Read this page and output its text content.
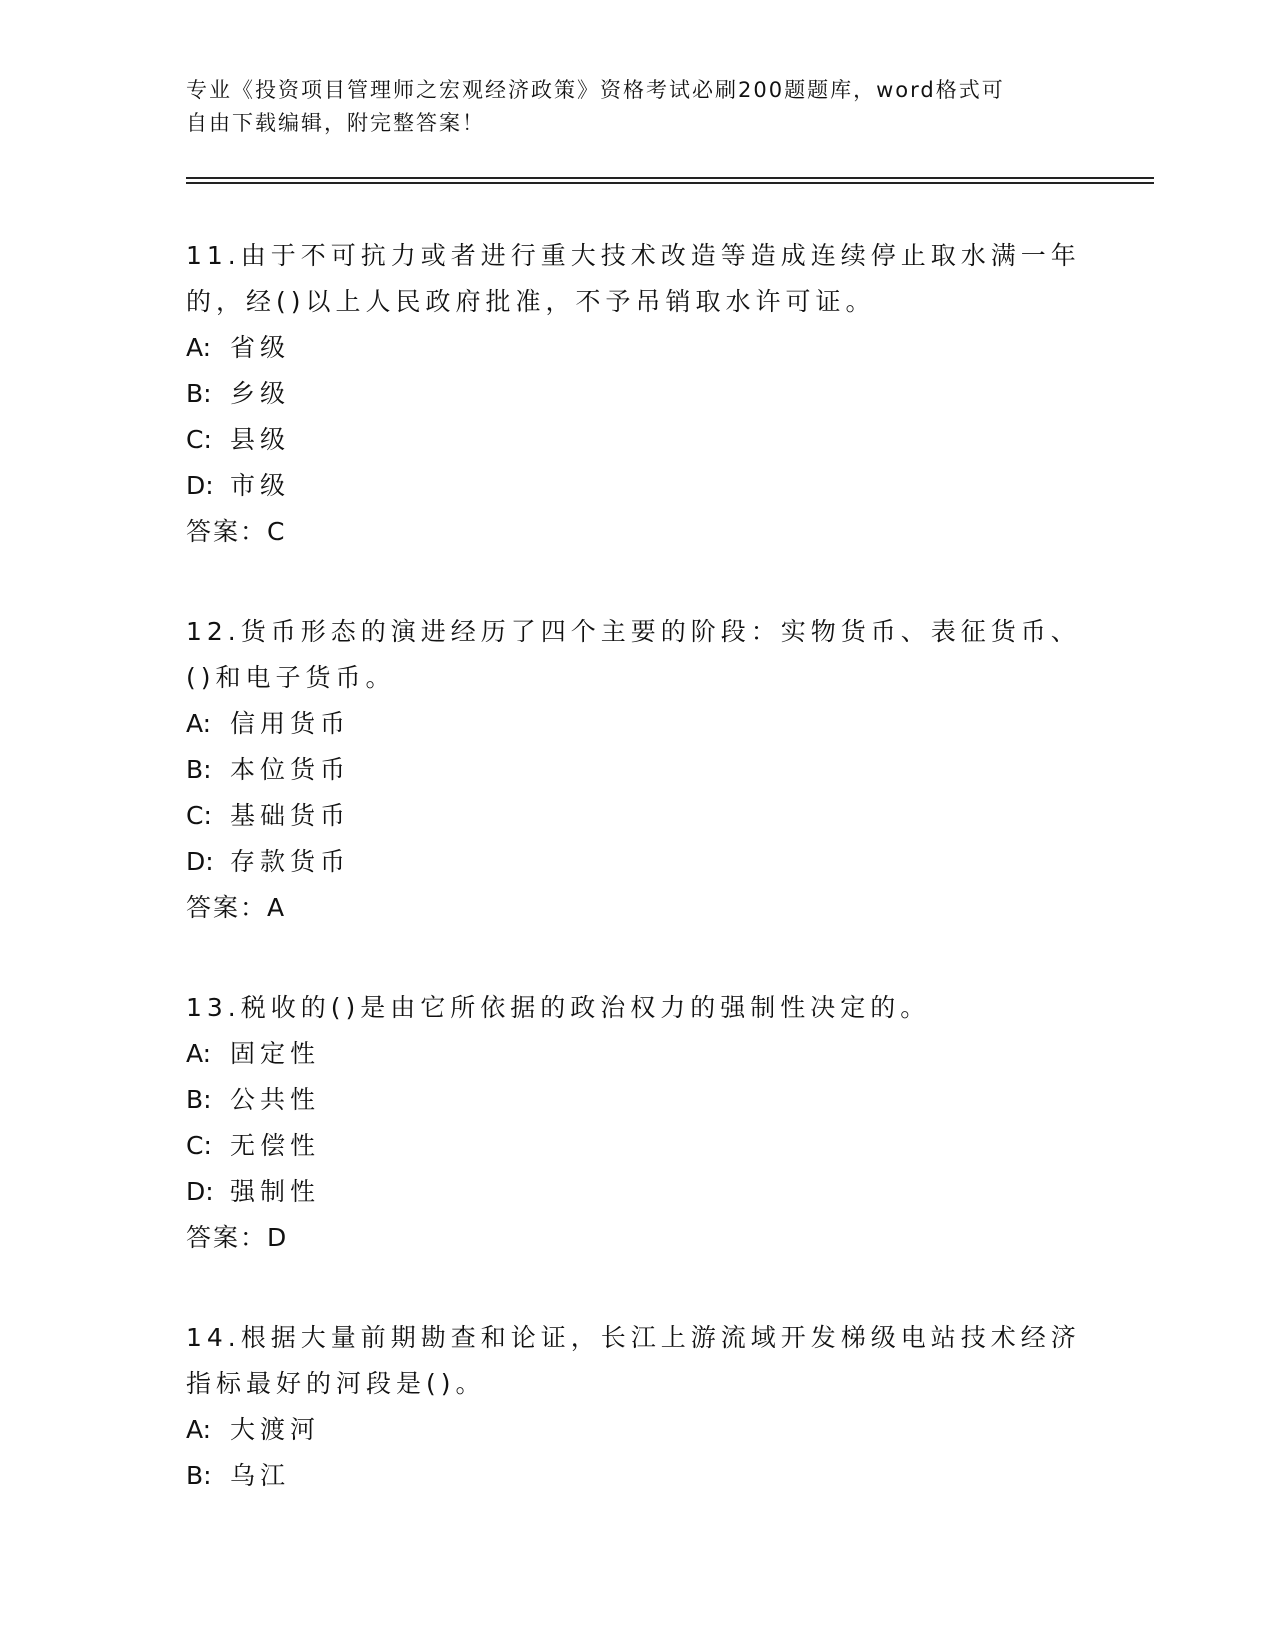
专业《投资项目管理师之宏观经济政策》资格考试必刷200题题库，word格式可
自由下载编辑，附完整答案！
11.由于不可抗力或者进行重大技术改造等造成连续停止取水满一年的，经()以上人民政府批准，不予吊销取水许可证。
A: 省级
B: 乡级
C: 县级
D: 市级
答案：C
12.货币形态的演进经历了四个主要的阶段：实物货币、表征货币、()和电子货币。
A: 信用货币
B: 本位货币
C: 基础货币
D: 存款货币
答案：A
13.税收的()是由它所依据的政治权力的强制性决定的。
A: 固定性
B: 公共性
C: 无偿性
D: 强制性
答案：D
14.根据大量前期勘查和论证，长江上游流域开发梯级电站技术经济指标最好的河段是()。
A: 大渡河
B: 乌江
